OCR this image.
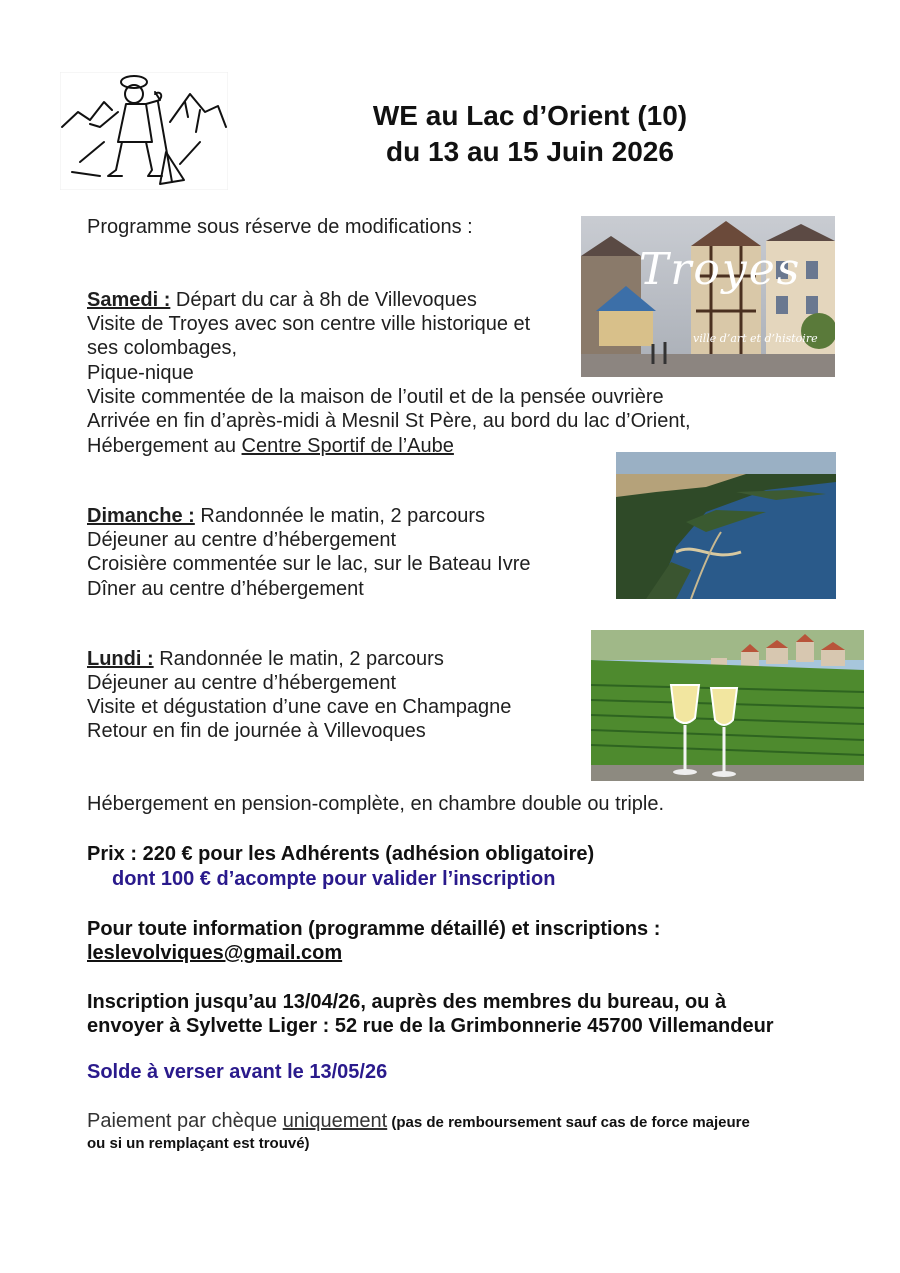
WE au Lac d’Orient (10)
du 13 au 15 Juin 2026
Programme sous réserve de modifications :
Samedi : Départ du car à 8h de Villevoques
Visite de Troyes avec son centre ville historique et
ses colombages,
Pique-nique
Visite commentée de la maison de l’outil et de la pensée ouvrière
Arrivée en fin d’après-midi à Mesnil St Père, au bord du lac d’Orient,
Hébergement au Centre Sportif de l’Aube
Dimanche : Randonnée le matin, 2 parcours
Déjeuner au centre d’hébergement
Croisière commentée sur le lac, sur le Bateau Ivre
Dîner au centre d’hébergement
Lundi : Randonnée le matin, 2 parcours
Déjeuner au centre d’hébergement
Visite et dégustation d’une cave en Champagne
Retour en fin de journée à Villevoques
Hébergement en pension-complète, en chambre double ou triple.
Prix : 220 € pour les Adhérents (adhésion obligatoire)
dont 100 € d’acompte pour valider l’inscription
Pour toute information (programme détaillé) et inscriptions :
leslevolviques@gmail.com
Inscription jusqu’au 13/04/26, auprès des membres du bureau, ou à
envoyer à Sylvette Liger : 52 rue de la Grimbonnerie 45700 Villemandeur
Solde à verser avant le 13/05/26
Paiement par chèque uniquement (pas de remboursement sauf cas de force majeure
ou si un remplaçant est trouvé)
Troyes
ville d’art et d’histoire
